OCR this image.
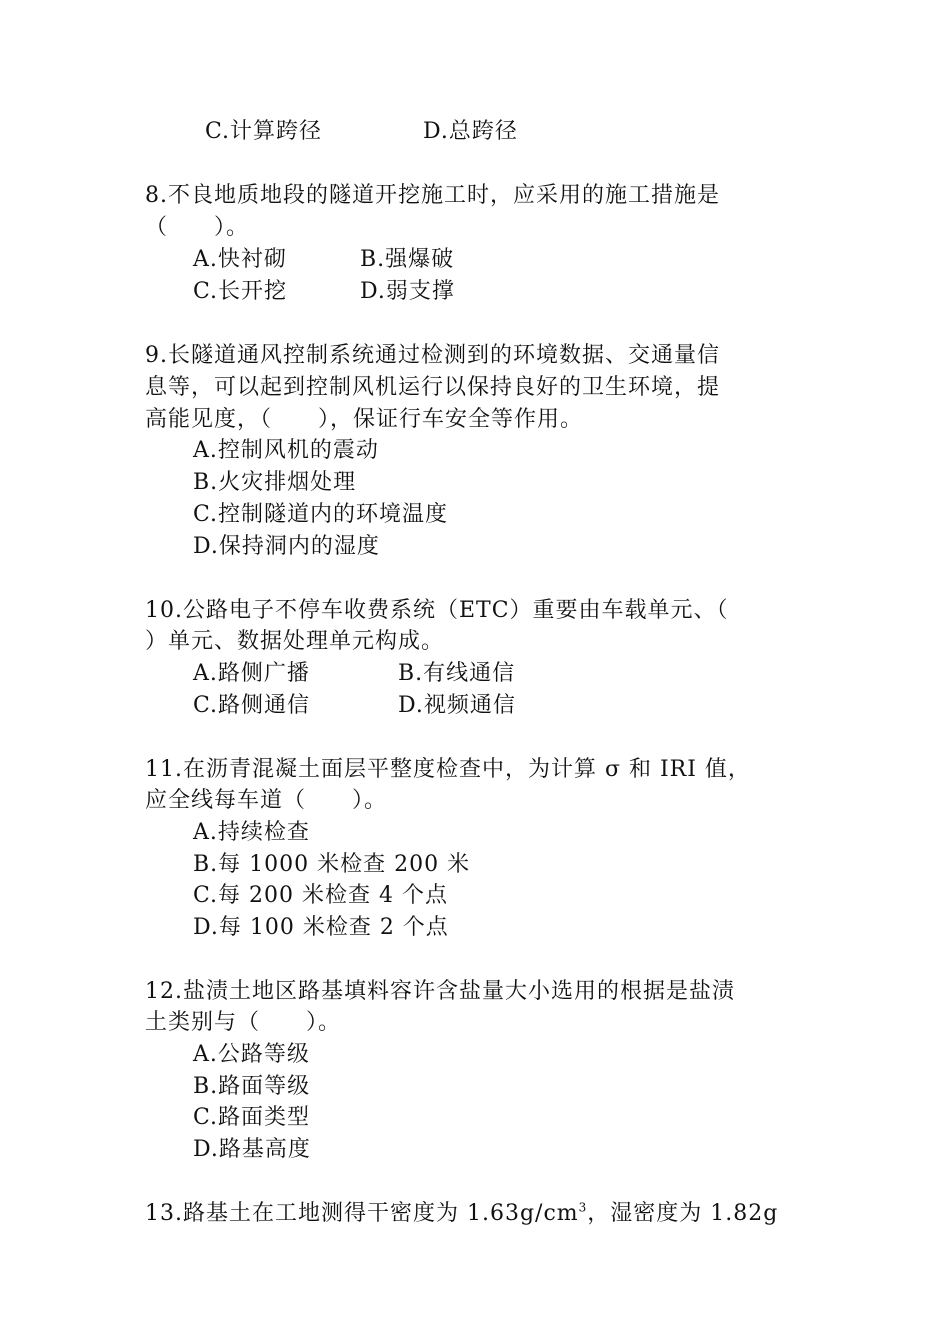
C.计算跨径	D.总跨径
8.不良地质地段的隧道开挖施工时，应采用的施工措施是
（　　）。
A.快衬砌	B.强爆破
C.长开挖	D.弱支撑
9.长隧道通风控制系统通过检测到的环境数据、交通量信
息等，可以起到控制风机运行以保持良好的卫生环境，提
高能见度，（　　），保证行车安全等作用。
A.控制风机的震动
B.火灾排烟处理
C.控制隧道内的环境温度
D.保持洞内的湿度
10.公路电子不停车收费系统（ETC）重要由车载单元、（
）单元、数据处理单元构成。
A.路侧广播	B.有线通信
C.路侧通信	D.视频通信
11.在沥青混凝土面层平整度检查中，为计算 σ 和 IRI 值，
应全线每车道（　　）。
A.持续检查
B.每 1000 米检查 200 米
C.每 200 米检查 4 个点
D.每 100 米检查 2 个点
12.盐渍土地区路基填料容许含盐量大小选用的根据是盐渍
土类别与（　　）。
A.公路等级
B.路面等级
C.路面类型
D.路基高度
13.路基土在工地测得干密度为 $1.63g/cm^3$，湿密度为 1.82g
